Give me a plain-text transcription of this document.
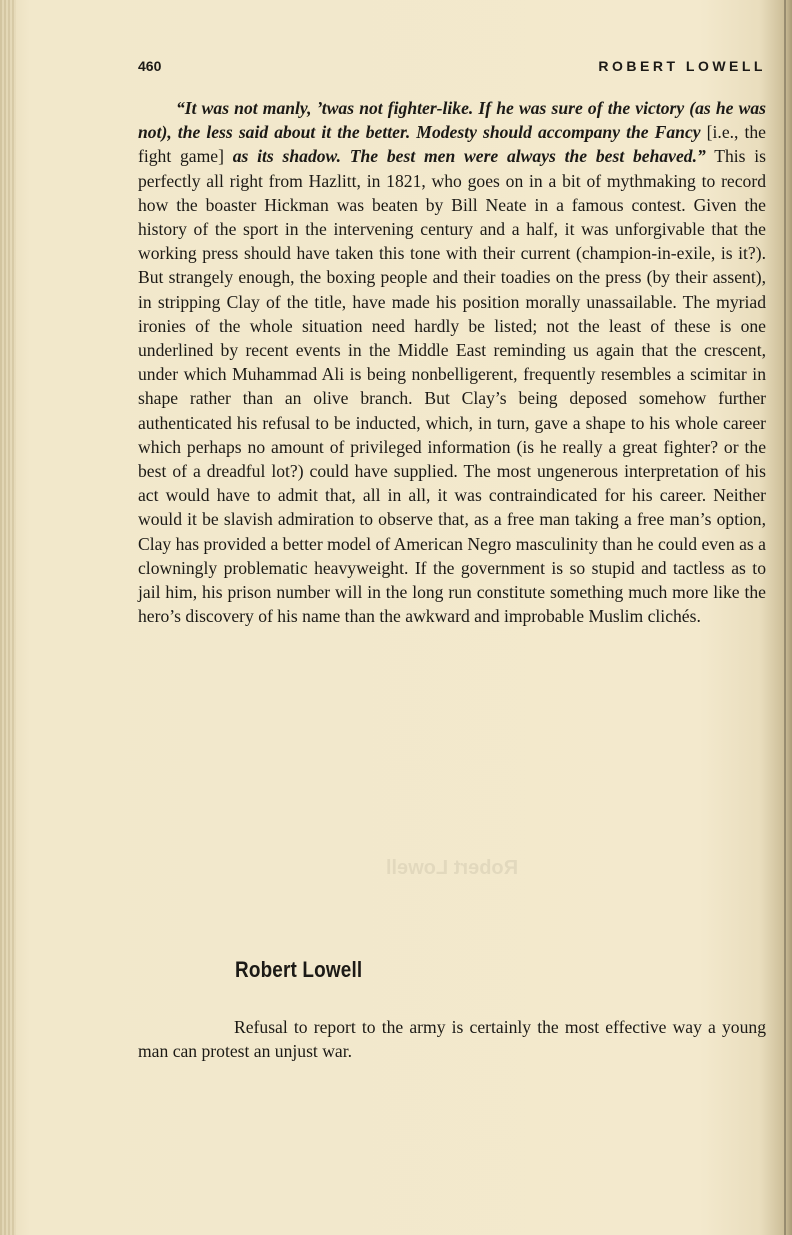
460	ROBERT LOWELL

“It was not manly, ’twas not fighter-like. If he was sure of the victory (as he was not), the less said about it the better. Modesty should accompany the Fancy [i.e., the fight game] as its shadow. The best men were always the best behaved.” This is perfectly all right from Hazlitt, in 1821, who goes on in a bit of mythmaking to record how the boaster Hickman was beaten by Bill Neate in a famous contest. Given the history of the sport in the intervening century and a half, it was unforgivable that the working press should have taken this tone with their current (champion-in-exile, is it?). But strangely enough, the boxing people and their toadies on the press (by their assent), in stripping Clay of the title, have made his position morally unassailable. The myriad ironies of the whole situation need hardly be listed; not the least of these is one underlined by recent events in the Middle East reminding us again that the crescent, under which Muhammad Ali is being nonbelligerent, frequently resembles a scimitar in shape rather than an olive branch. But Clay’s being deposed somehow further authenticated his refusal to be inducted, which, in turn, gave a shape to his whole career which perhaps no amount of privileged information (is he really a great fighter? or the best of a dreadful lot?) could have supplied. The most ungenerous interpretation of his act would have to admit that, all in all, it was contraindicated for his career. Neither would it be slavish admiration to observe that, as a free man taking a free man’s option, Clay has provided a better model of American Negro masculinity than he could even as a clowningly problematic heavyweight. If the government is so stupid and tactless as to jail him, his prison number will in the long run constitute something much more like the hero’s discovery of his name than the awkward and improbable Muslim clichés.

Robert Lowell
Robert Lowell

Refusal to report to the army is certainly the most effective way a young man can protest an unjust war.
